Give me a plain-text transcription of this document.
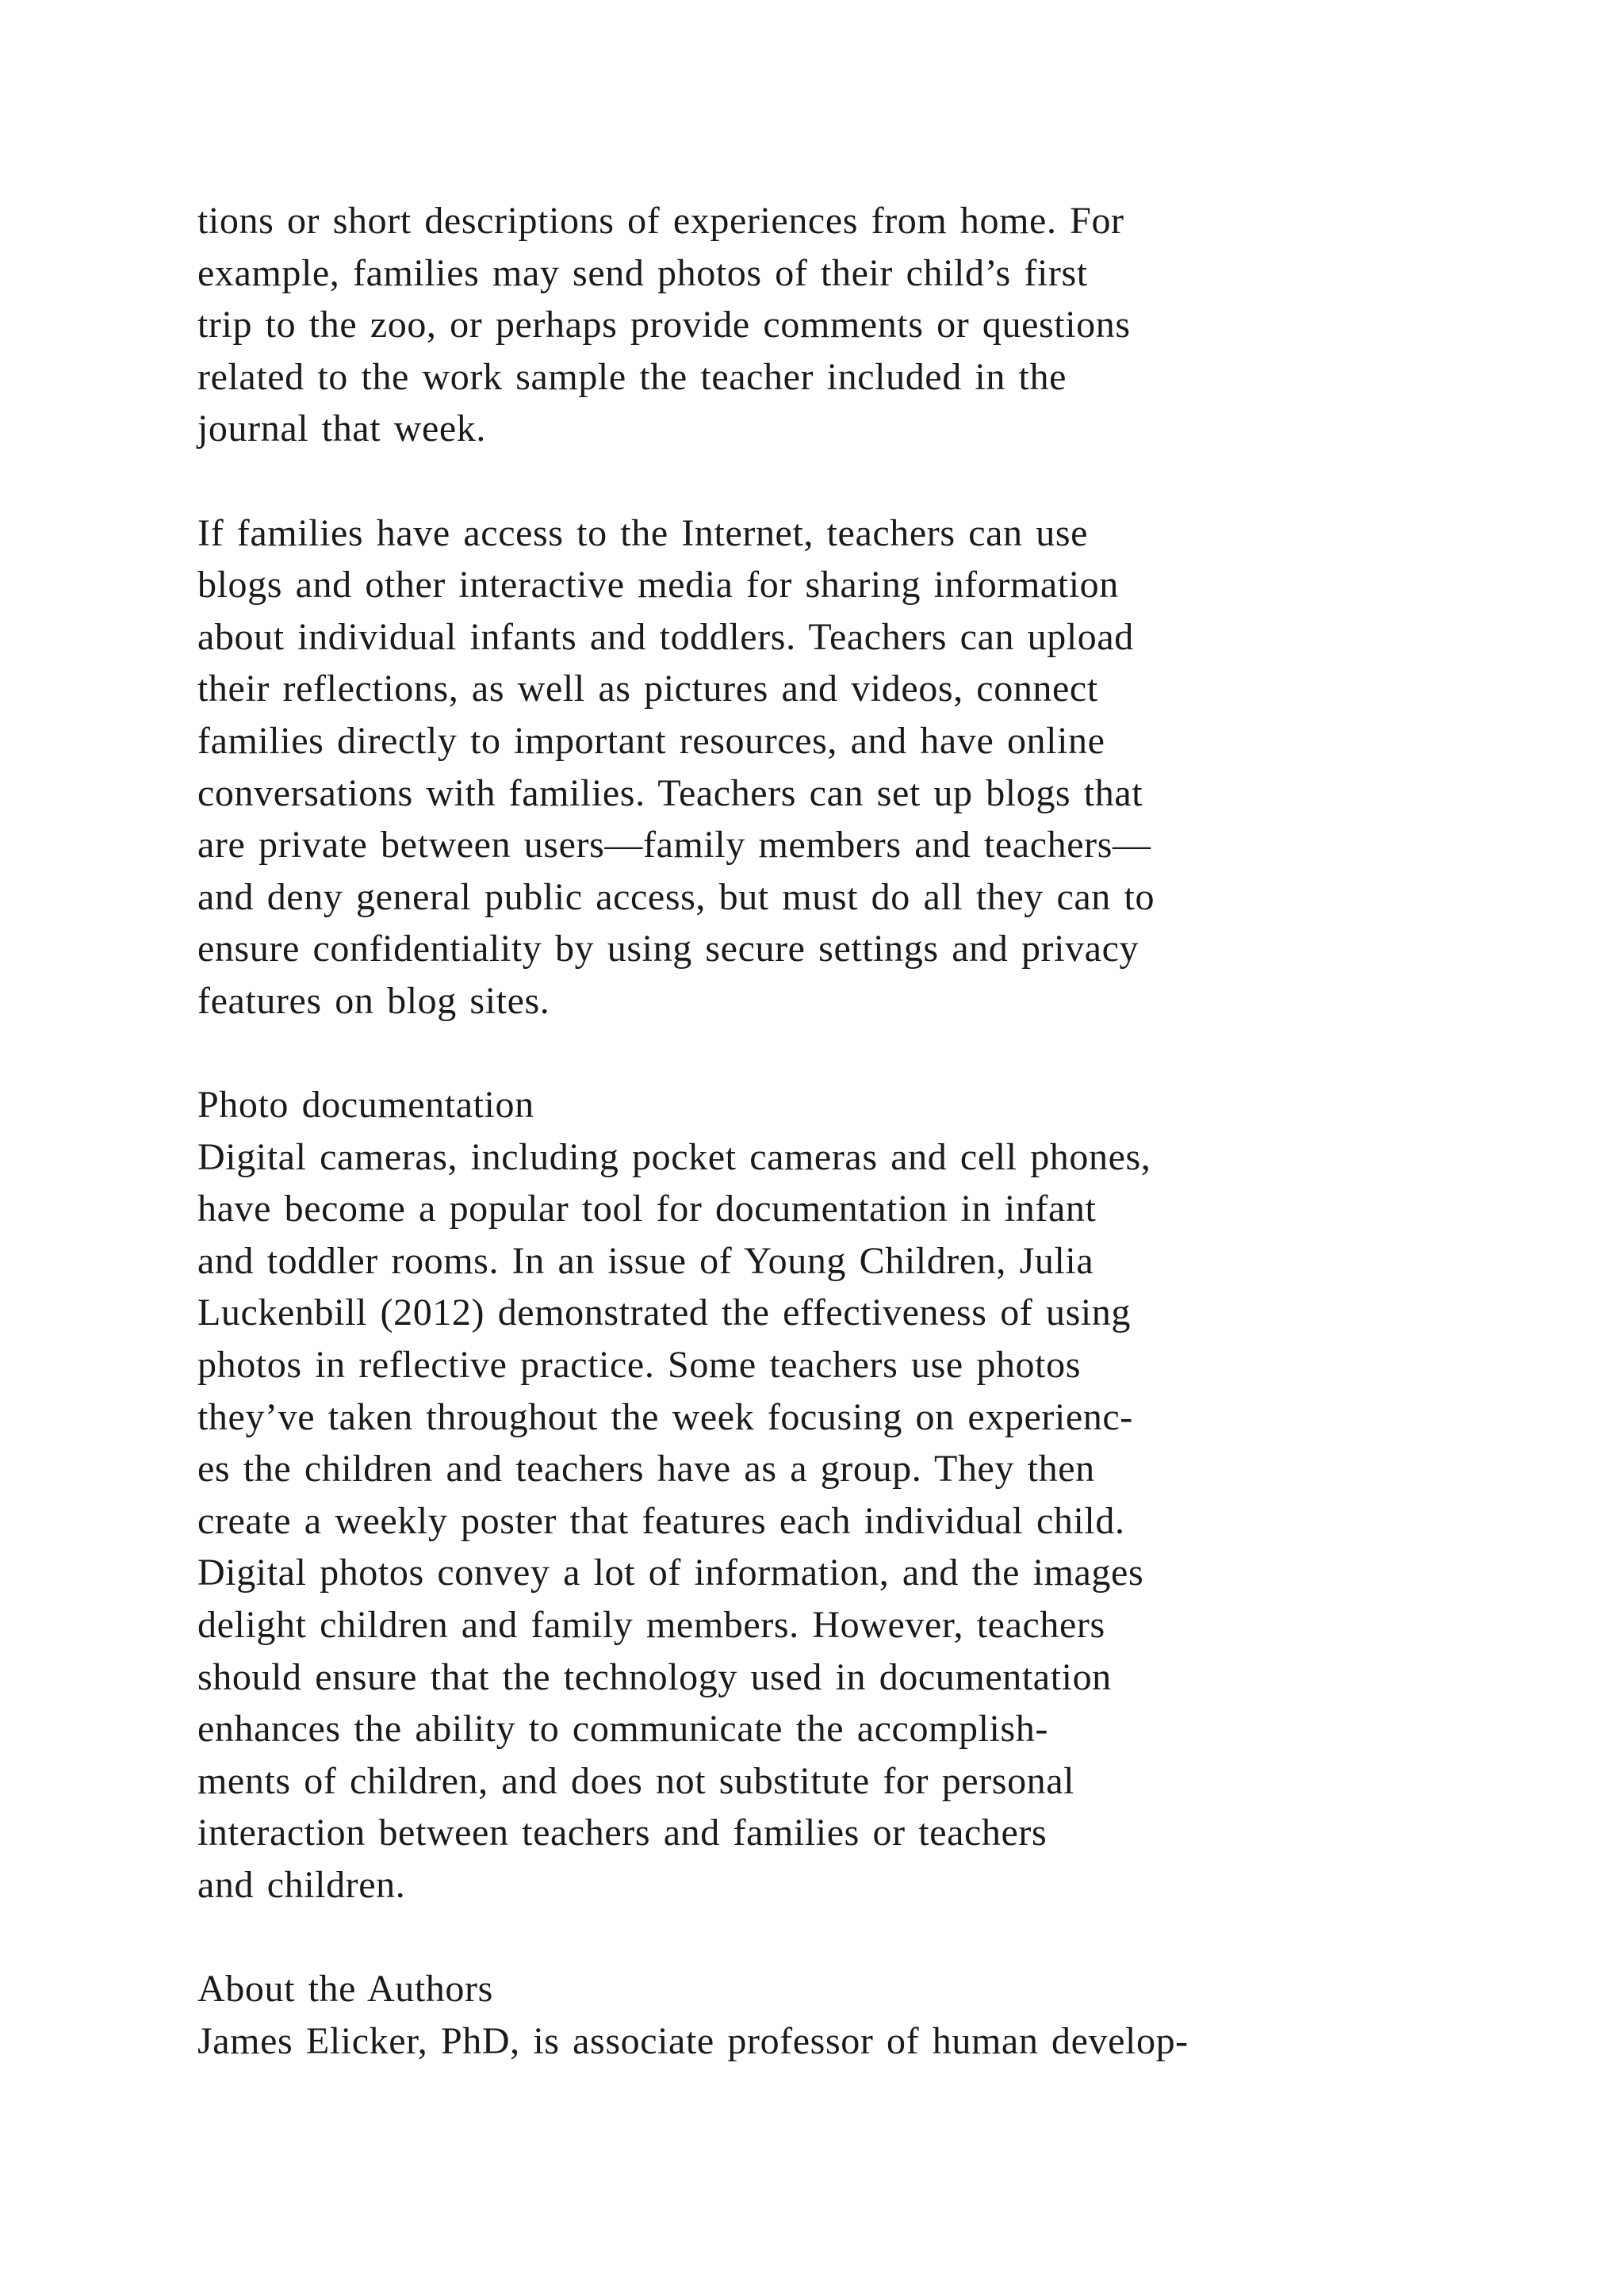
tions or short descriptions of experiences from home. For
example, families may send photos of their child’s first
trip to the zoo, or perhaps provide comments or questions
related to the work sample the teacher included in the
journal that week.
If families have access to the Internet, teachers can use
blogs and other interactive media for sharing information
about individual infants and toddlers. Teachers can upload
their reflections, as well as pictures and videos, connect
families directly to important resources, and have online
conversations with families. Teachers can set up blogs that
are private between users—family members and teachers—
and deny general public access, but must do all they can to
ensure confidentiality by using secure settings and privacy
features on blog sites.
Photo documentation
Digital cameras, including pocket cameras and cell phones,
have become a popular tool for documentation in infant
and toddler rooms. In an issue of Young Children, Julia
Luckenbill (2012) demonstrated the effectiveness of using
photos in reflective practice. Some teachers use photos
they’ve taken throughout the week focusing on experienc-
es the children and teachers have as a group. They then
create a weekly poster that features each individual child.
Digital photos convey a lot of information, and the images
delight children and family members. However, teachers
should ensure that the technology used in documentation
enhances the ability to communicate the accomplish-
ments of children, and does not substitute for personal
interaction between teachers and families or teachers
and children.
About the Authors
James Elicker, PhD, is associate professor of human develop-
